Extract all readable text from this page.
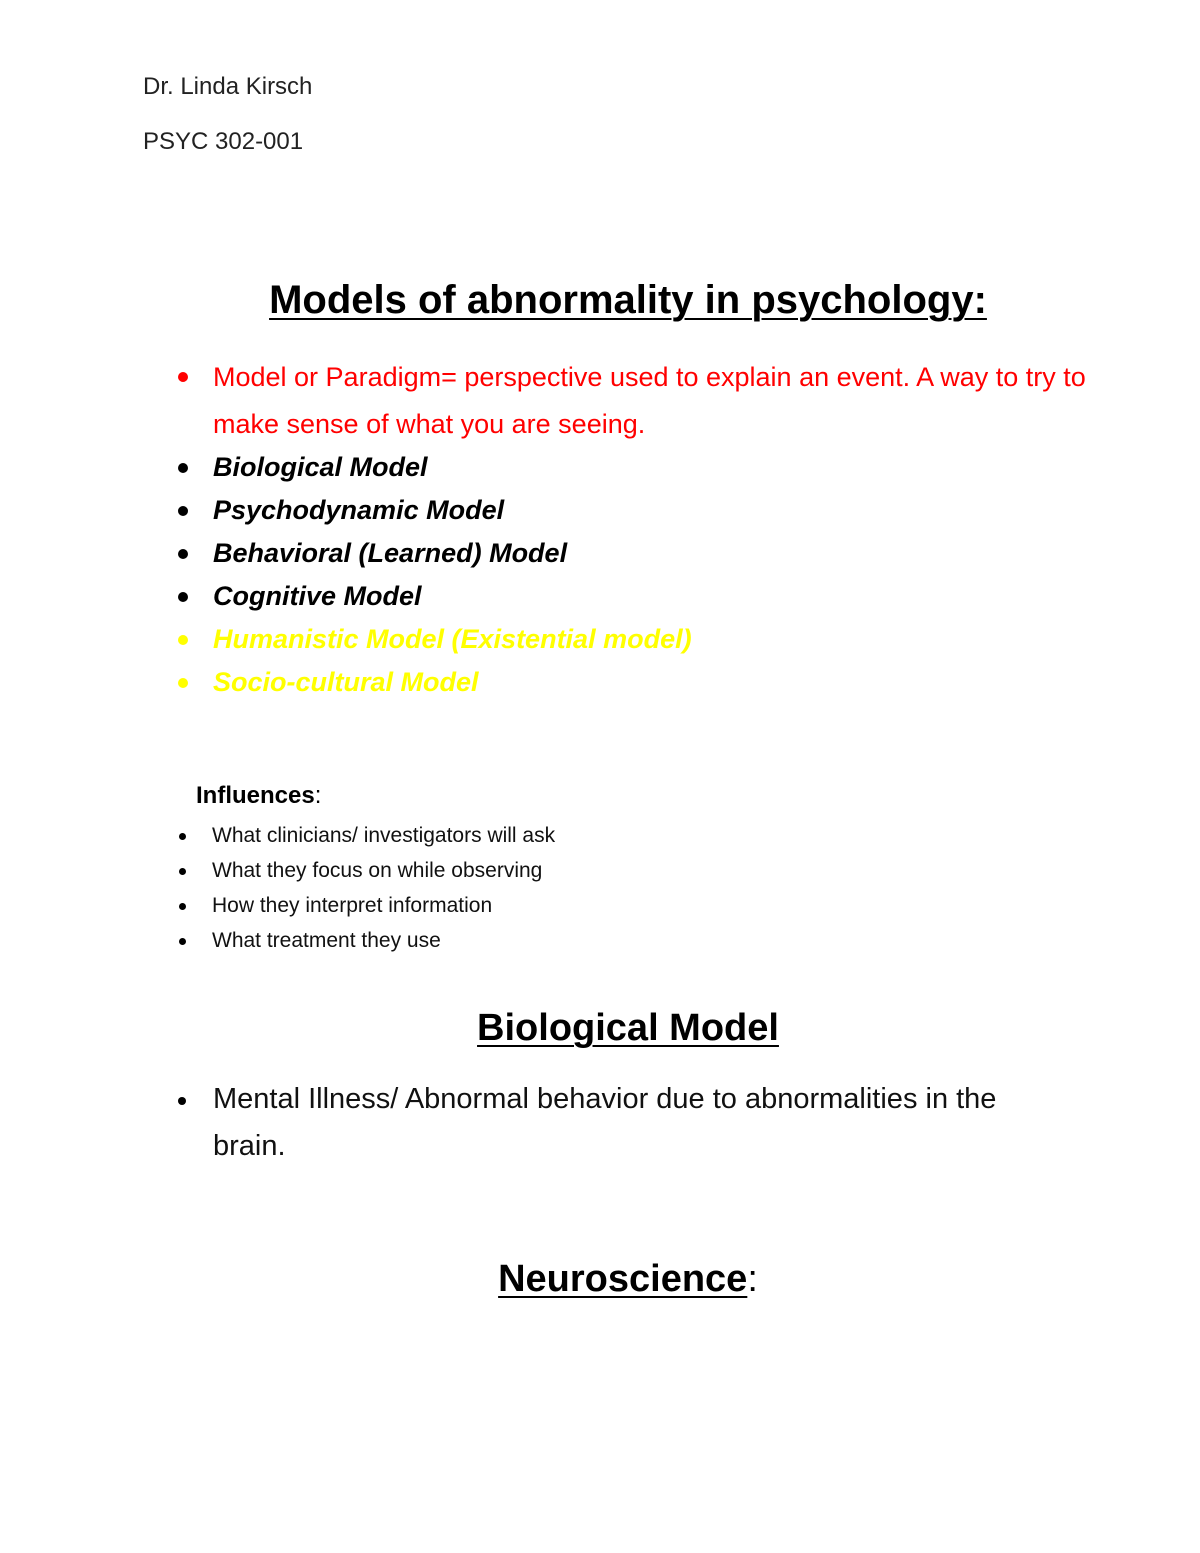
Dr. Linda Kirsch
PSYC 302-001
Models of abnormality in psychology:
Model or Paradigm= perspective used to explain an event. A way to try to make sense of what you are seeing.
Biological Model
Psychodynamic Model
Behavioral (Learned) Model
Cognitive Model
Humanistic Model (Existential model)
Socio-cultural Model
Influences:
What clinicians/ investigators will ask
What they focus on while observing
How they interpret information
What treatment they use
Biological Model
Mental Illness/ Abnormal behavior due to abnormalities in the brain.
Neuroscience:
